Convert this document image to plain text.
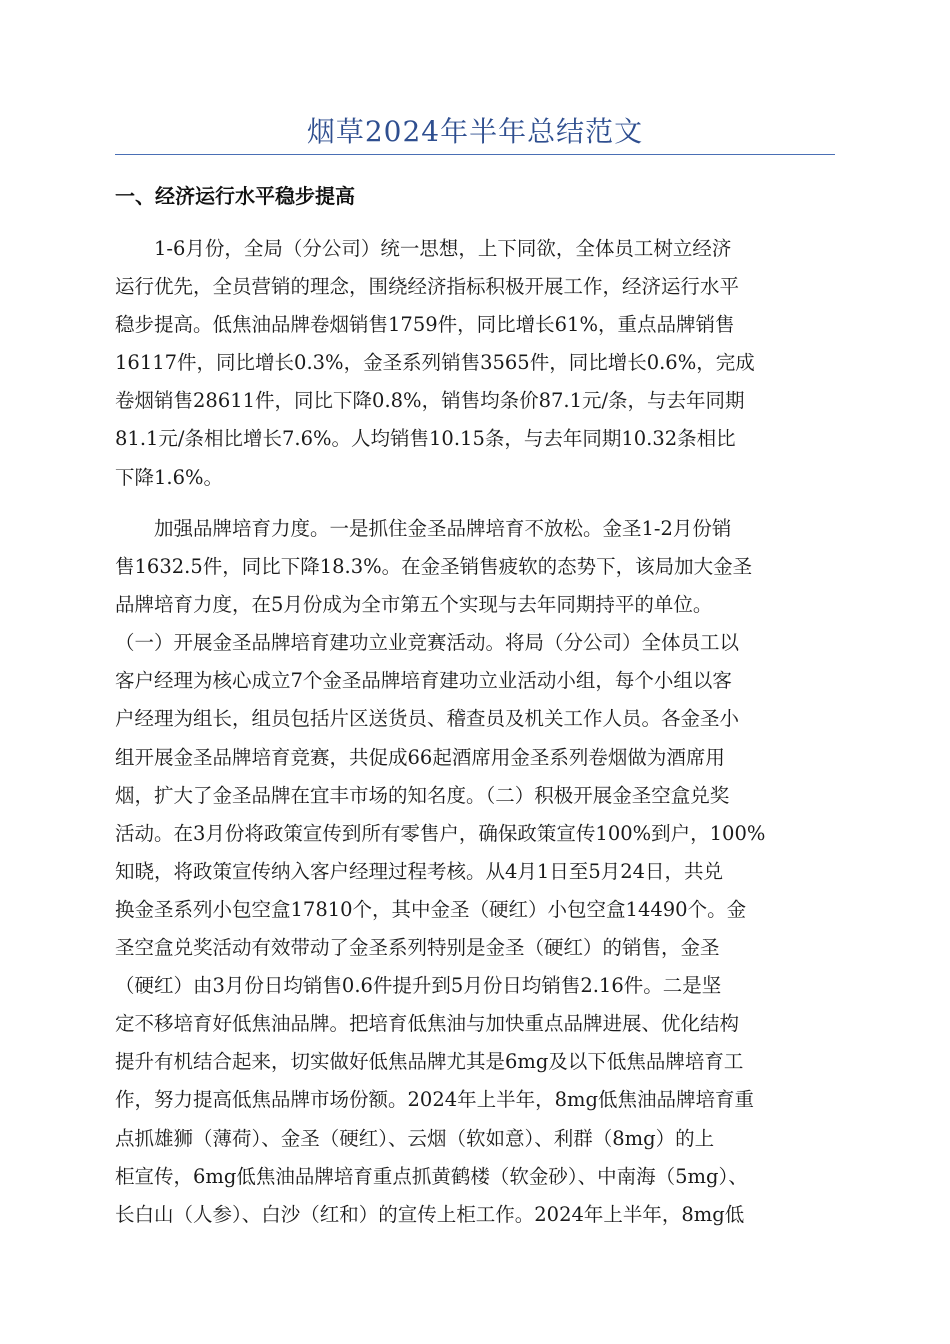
烟草2024年半年总结范文
一、经济运行水平稳步提高
　　1-6月份，全局（分公司）统一思想，上下同欲，全体员工树立经济
运行优先，全员营销的理念，围绕经济指标积极开展工作，经济运行水平
稳步提高。低焦油品牌卷烟销售1759件，同比增长61%，重点品牌销售
16117件，同比增长0.3%，金圣系列销售3565件，同比增长0.6%，完成
卷烟销售28611件，同比下降0.8%，销售均条价87.1元/条，与去年同期
81.1元/条相比增长7.6%。人均销售10.15条，与去年同期10.32条相比
下降1.6%。
　　加强品牌培育力度。一是抓住金圣品牌培育不放松。金圣1-2月份销
售1632.5件，同比下降18.3%。在金圣销售疲软的态势下，该局加大金圣
品牌培育力度，在5月份成为全市第五个实现与去年同期持平的单位。
（一）开展金圣品牌培育建功立业竞赛活动。将局（分公司）全体员工以
客户经理为核心成立7个金圣品牌培育建功立业活动小组，每个小组以客
户经理为组长，组员包括片区送货员、稽查员及机关工作人员。各金圣小
组开展金圣品牌培育竞赛，共促成66起酒席用金圣系列卷烟做为酒席用
烟，扩大了金圣品牌在宜丰市场的知名度。（二）积极开展金圣空盒兑奖
活动。在3月份将政策宣传到所有零售户，确保政策宣传100%到户，100%
知晓，将政策宣传纳入客户经理过程考核。从4月1日至5月24日，共兑
换金圣系列小包空盒17810个，其中金圣（硬红）小包空盒14490个。金
圣空盒兑奖活动有效带动了金圣系列特别是金圣（硬红）的销售，金圣
（硬红）由3月份日均销售0.6件提升到5月份日均销售2.16件。二是坚
定不移培育好低焦油品牌。把培育低焦油与加快重点品牌进展、优化结构
提升有机结合起来，切实做好低焦品牌尤其是6mg及以下低焦品牌培育工
作，努力提高低焦品牌市场份额。2024年上半年，8mg低焦油品牌培育重
点抓雄狮（薄荷）、金圣（硬红）、云烟（软如意）、利群（8mg）的上
柜宣传，6mg低焦油品牌培育重点抓黄鹤楼（软金砂）、中南海（5mg）、
长白山（人参）、白沙（红和）的宣传上柜工作。2024年上半年，8mg低
